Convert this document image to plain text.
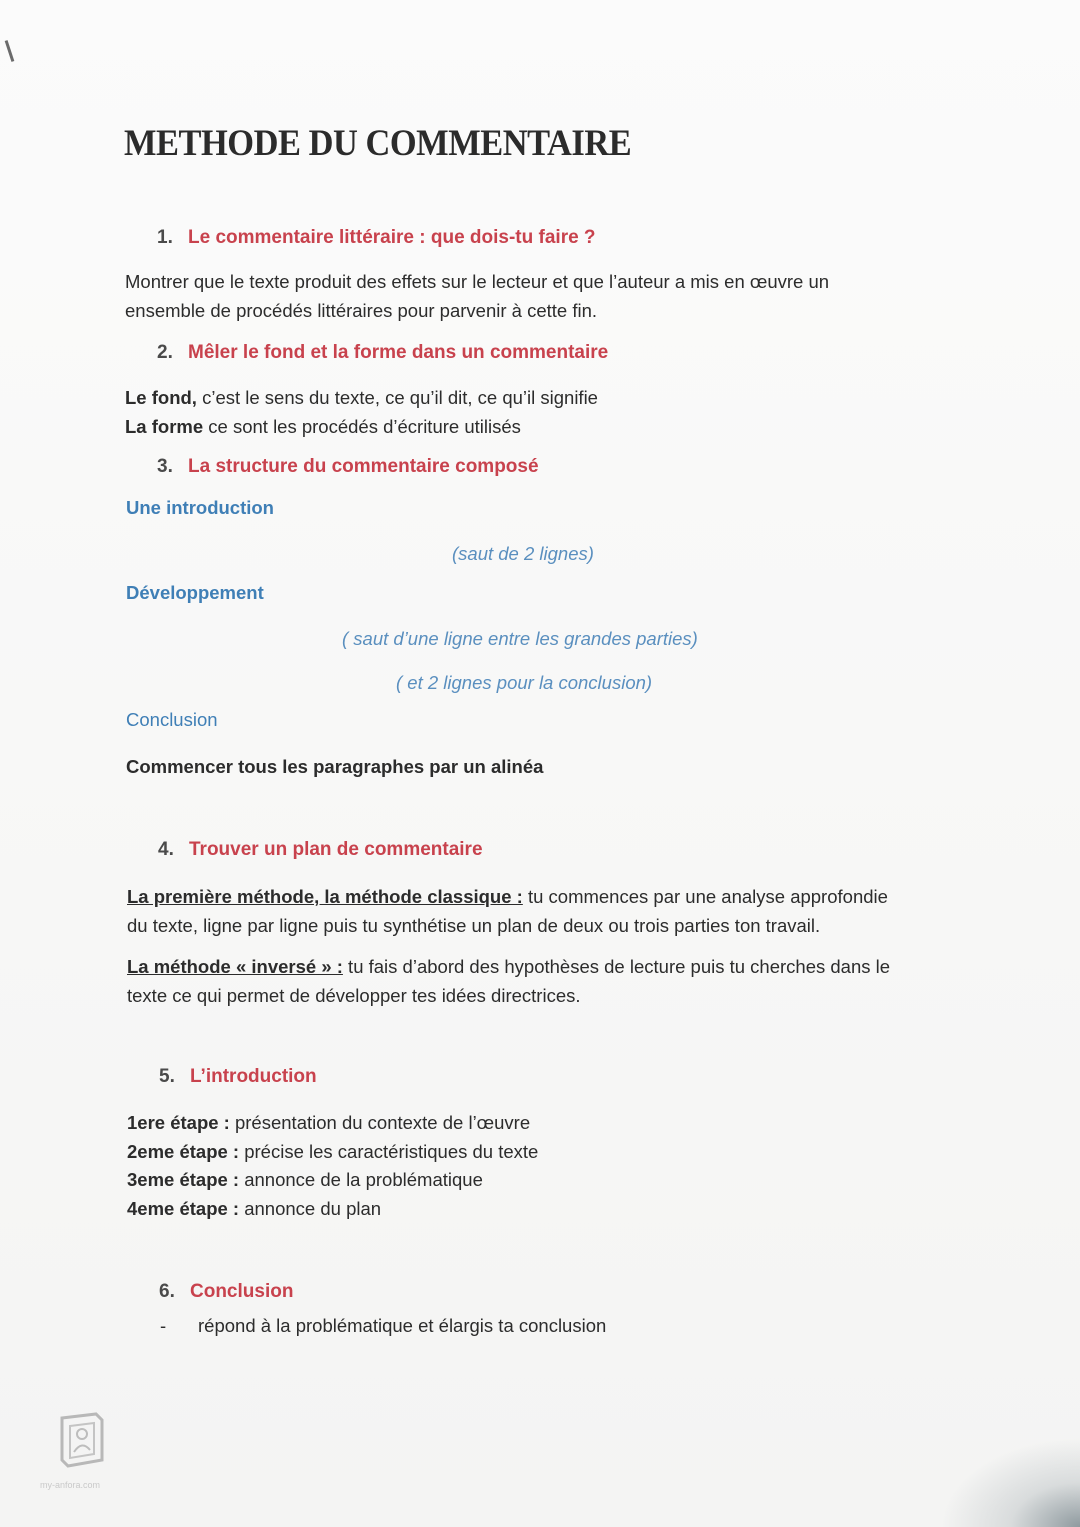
METHODE DU COMMENTAIRE
1. Le commentaire littéraire : que dois-tu faire ?
Montrer que le texte produit des effets sur le lecteur et que l’auteur a mis en œuvre un
ensemble de procédés littéraires pour parvenir à cette fin.
2. Mêler le fond et la forme dans un commentaire
Le fond, c’est le sens du texte, ce qu’il dit, ce qu’il signifie
La forme ce sont les procédés d’écriture utilisés
3. La structure du commentaire composé
Une introduction
(saut de 2 lignes)
Développement
( saut d’une ligne entre les grandes parties)
( et 2 lignes pour la conclusion)
Conclusion
Commencer tous les paragraphes par un alinéa
4. Trouver un plan de commentaire
La première méthode, la méthode classique : tu commences par une analyse approfondie
du texte, ligne par ligne puis tu synthétise un plan de deux ou trois parties ton travail.
La méthode « inversé » : tu fais d’abord des hypothèses de lecture puis tu cherches dans le
texte ce qui permet de développer tes idées directrices.
5. L’introduction
1ere étape : présentation du contexte de l’œuvre
2eme étape : précise les caractéristiques du texte
3eme étape : annonce de la problématique
4eme étape : annonce du plan
6. Conclusion
- répond à la problématique et élargis ta conclusion
my-anfora.com
